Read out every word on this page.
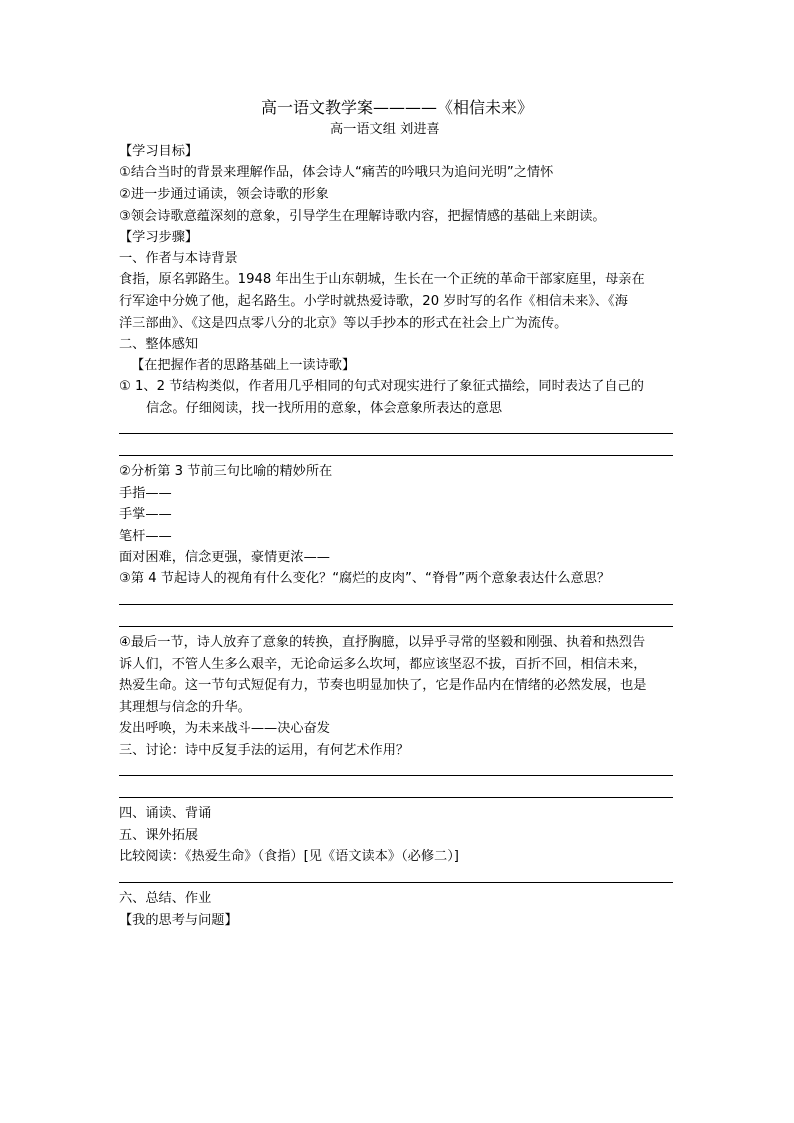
高一语文教学案————《相信未来》
高一语文组 刘进喜
【学习目标】
①结合当时的背景来理解作品，体会诗人“痛苦的吟哦只为追问光明”之情怀
②进一步通过诵读，领会诗歌的形象
③领会诗歌意蕴深刻的意象，引导学生在理解诗歌内容，把握情感的基础上来朗读。
【学习步骤】
一、作者与本诗背景
食指，原名郭路生。1948 年出生于山东朝城，生长在一个正统的革命干部家庭里，母亲在
行军途中分娩了他，起名路生。小学时就热爱诗歌，20 岁时写的名作《相信未来》、《海
洋三部曲》、《这是四点零八分的北京》等以手抄本的形式在社会上广为流传。
二、整体感知
【在把握作者的思路基础上一读诗歌】
① 1、2 节结构类似，作者用几乎相同的句式对现实进行了象征式描绘，同时表达了自己的
信念。仔细阅读，找一找所用的意象，体会意象所表达的意思
②分析第 3 节前三句比喻的精妙所在
手指——
手掌——
笔杆——
面对困难，信念更强，豪情更浓——
③第 4 节起诗人的视角有什么变化？“腐烂的皮肉”、“脊骨”两个意象表达什么意思？
④最后一节，诗人放弃了意象的转换，直抒胸臆，以异乎寻常的坚毅和刚强、执着和热烈告
诉人们，不管人生多么艰辛，无论命运多么坎坷，都应该坚忍不拔，百折不回，相信未来，
热爱生命。这一节句式短促有力，节奏也明显加快了，它是作品内在情绪的必然发展，也是
其理想与信念的升华。
发出呼唤，为未来战斗——决心奋发
三、讨论：诗中反复手法的运用，有何艺术作用？
四、诵读、背诵
五、课外拓展
比较阅读：《热爱生命》（食指）[见《语文读本》（必修二）]
六、总结、作业
【我的思考与问题】
